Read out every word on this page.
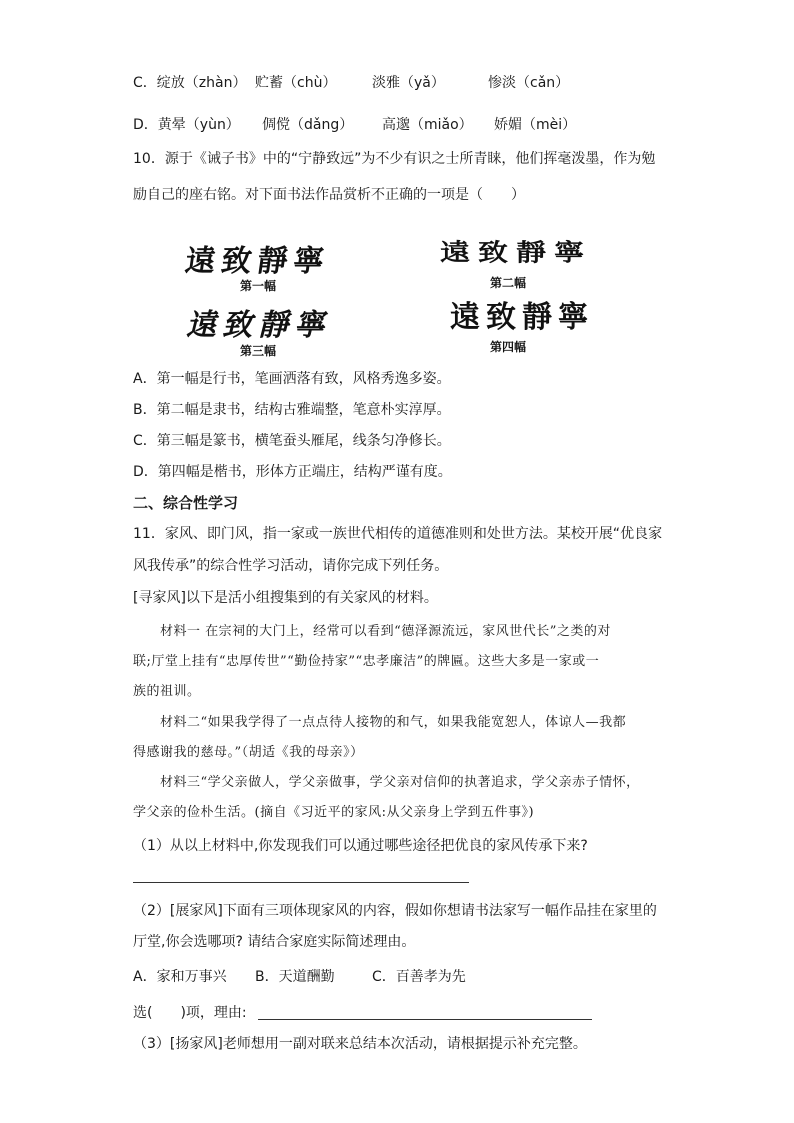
C．绽放（zhàn） 贮蓄（chù）	淡雅（yǎ）	惨淡（cǎn）
D．黄晕（yùn） 倜傥（dǎng） 高邈（miǎo） 娇媚（mèi）
10．源于《诫子书》中的“宁静致远”为不少有识之士所青睐，他们挥毫泼墨，作为勉
励自己的座右铭。对下面书法作品赏析不正确的一项是（　　）
遠致靜寧
第一幅
遠致靜寧
第二幅
遠致靜寧
第三幅
遠致靜寧
第四幅
A．第一幅是行书，笔画洒落有致，风格秀逸多姿。
B．第二幅是隶书，结构古雅端整，笔意朴实淳厚。
C．第三幅是篆书，横笔蚕头雁尾，线条匀净修长。
D．第四幅是楷书，形体方正端庄，结构严谨有度。
二、综合性学习
11．家风、即门风，指一家或一族世代相传的道德准则和处世方法。某校开展“优良家
风我传承”的综合性学习活动，请你完成下列任务。
[寻家风]以下是活小组搜集到的有关家风的材料。
材料一 在宗祠的大门上，经常可以看到“德泽源流远，家风世代长”之类的对
联;厅堂上挂有“忠厚传世”“勤俭持家”“忠孝廉洁”的牌匾。这些大多是一家或一
族的祖训。
材料二“如果我学得了一点点待人接物的和气，如果我能宽恕人，体谅人—我都
得感谢我的慈母。”（胡适《我的母亲》）
材料三“学父亲做人，学父亲做事，学父亲对信仰的执著追求，学父亲赤子情怀，
学父亲的俭朴生活。(摘自《习近平的家风:从父亲身上学到五件事》)
（1）从以上材料中,你发现我们可以通过哪些途径把优良的家风传承下来?
（2）[展家风]下面有三项体现家风的内容，假如你想请书法家写一幅作品挂在家里的
厅堂,你会选哪项? 请结合家庭实际简述理由。
A．家和万事兴 B．天道酬勤	C．百善孝为先
选(　　)项，理由:
（3）[扬家风]老师想用一副对联来总结本次活动，请根据提示补充完整。
